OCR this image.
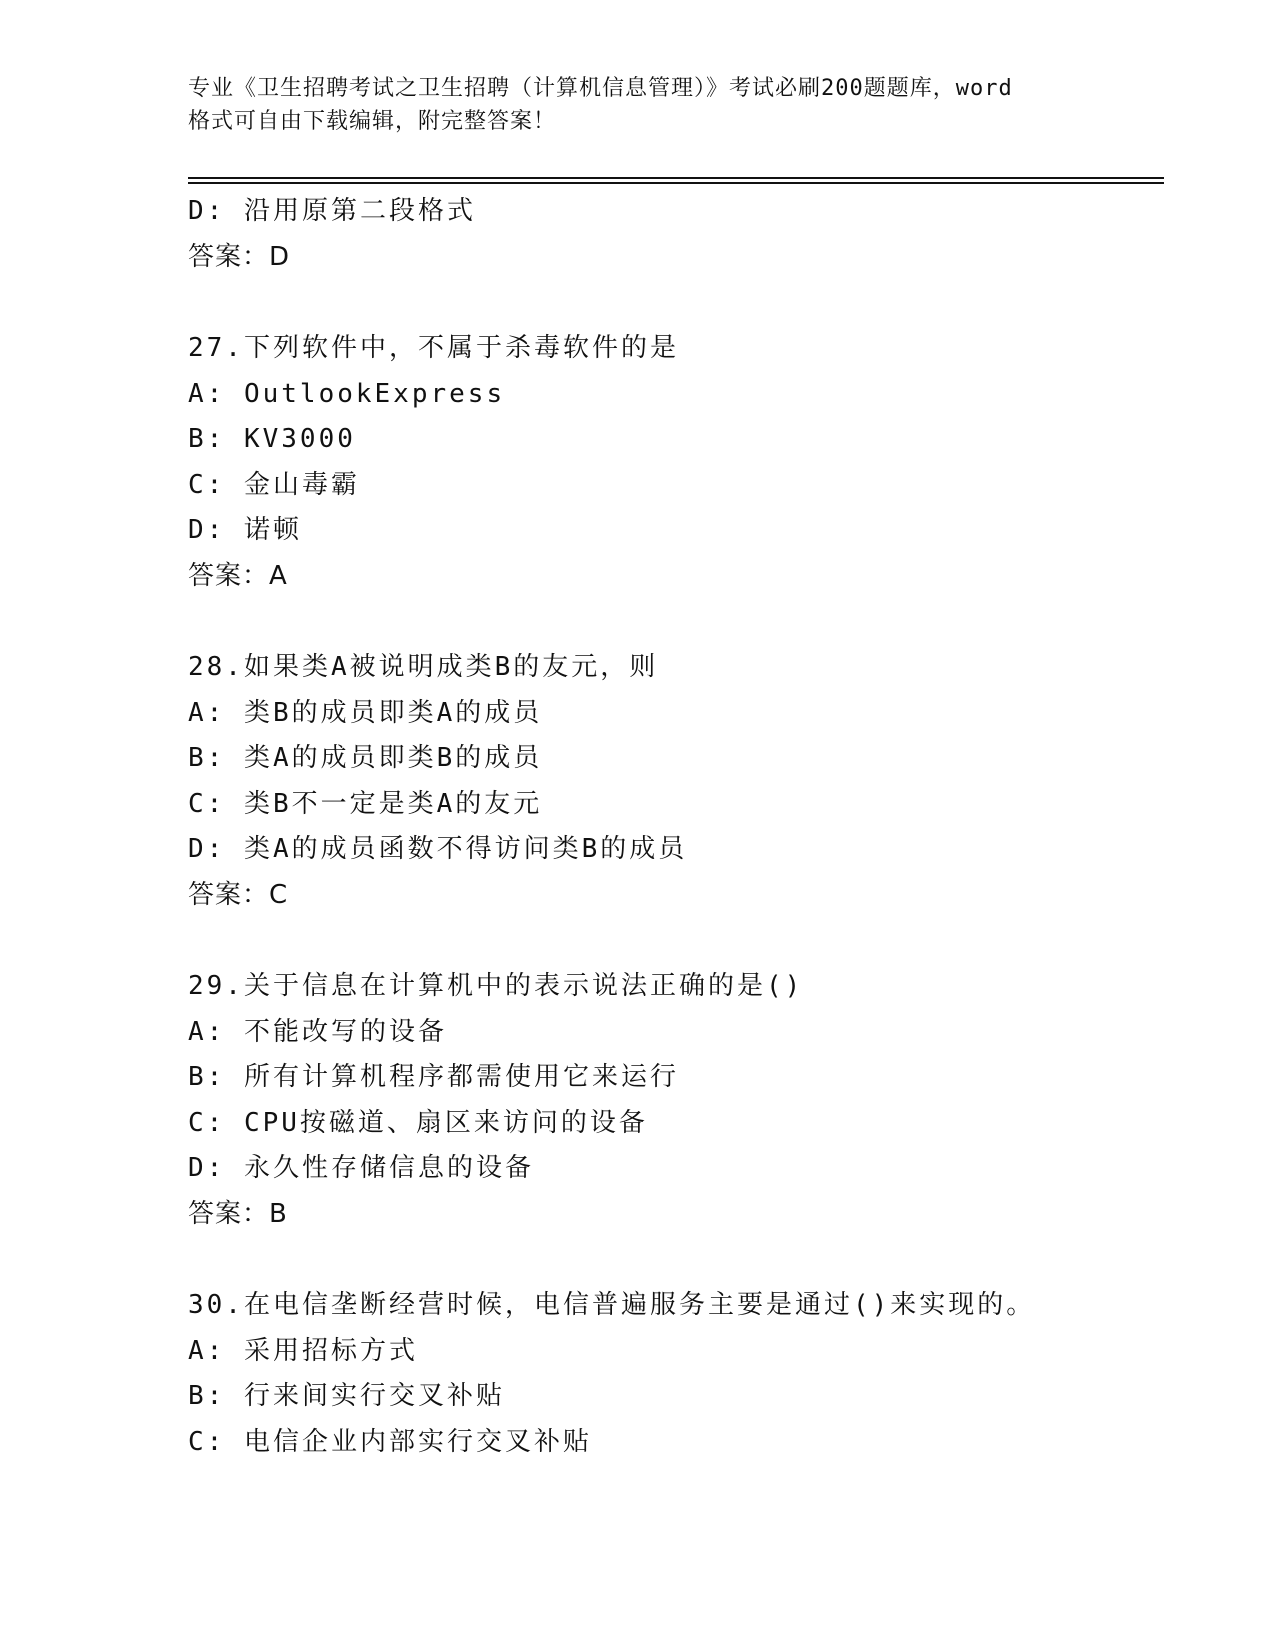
专业《卫生招聘考试之卫生招聘（计算机信息管理）》考试必刷200题题库，word
格式可自由下载编辑，附完整答案！
D: 沿用原第二段格式
答案：D
27.下列软件中，不属于杀毒软件的是
A: OutlookExpress
B: KV3000
C: 金山毒霸
D: 诺顿
答案：A
28.如果类A被说明成类B的友元，则
A: 类B的成员即类A的成员
B: 类A的成员即类B的成员
C: 类B不一定是类A的友元
D: 类A的成员函数不得访问类B的成员
答案：C
29.关于信息在计算机中的表示说法正确的是()
A: 不能改写的设备
B: 所有计算机程序都需使用它来运行
C: CPU按磁道、扇区来访问的设备
D: 永久性存储信息的设备
答案：B
30.在电信垄断经营时候，电信普遍服务主要是通过()来实现的。
A: 采用招标方式
B: 行来间实行交叉补贴
C: 电信企业内部实行交叉补贴
